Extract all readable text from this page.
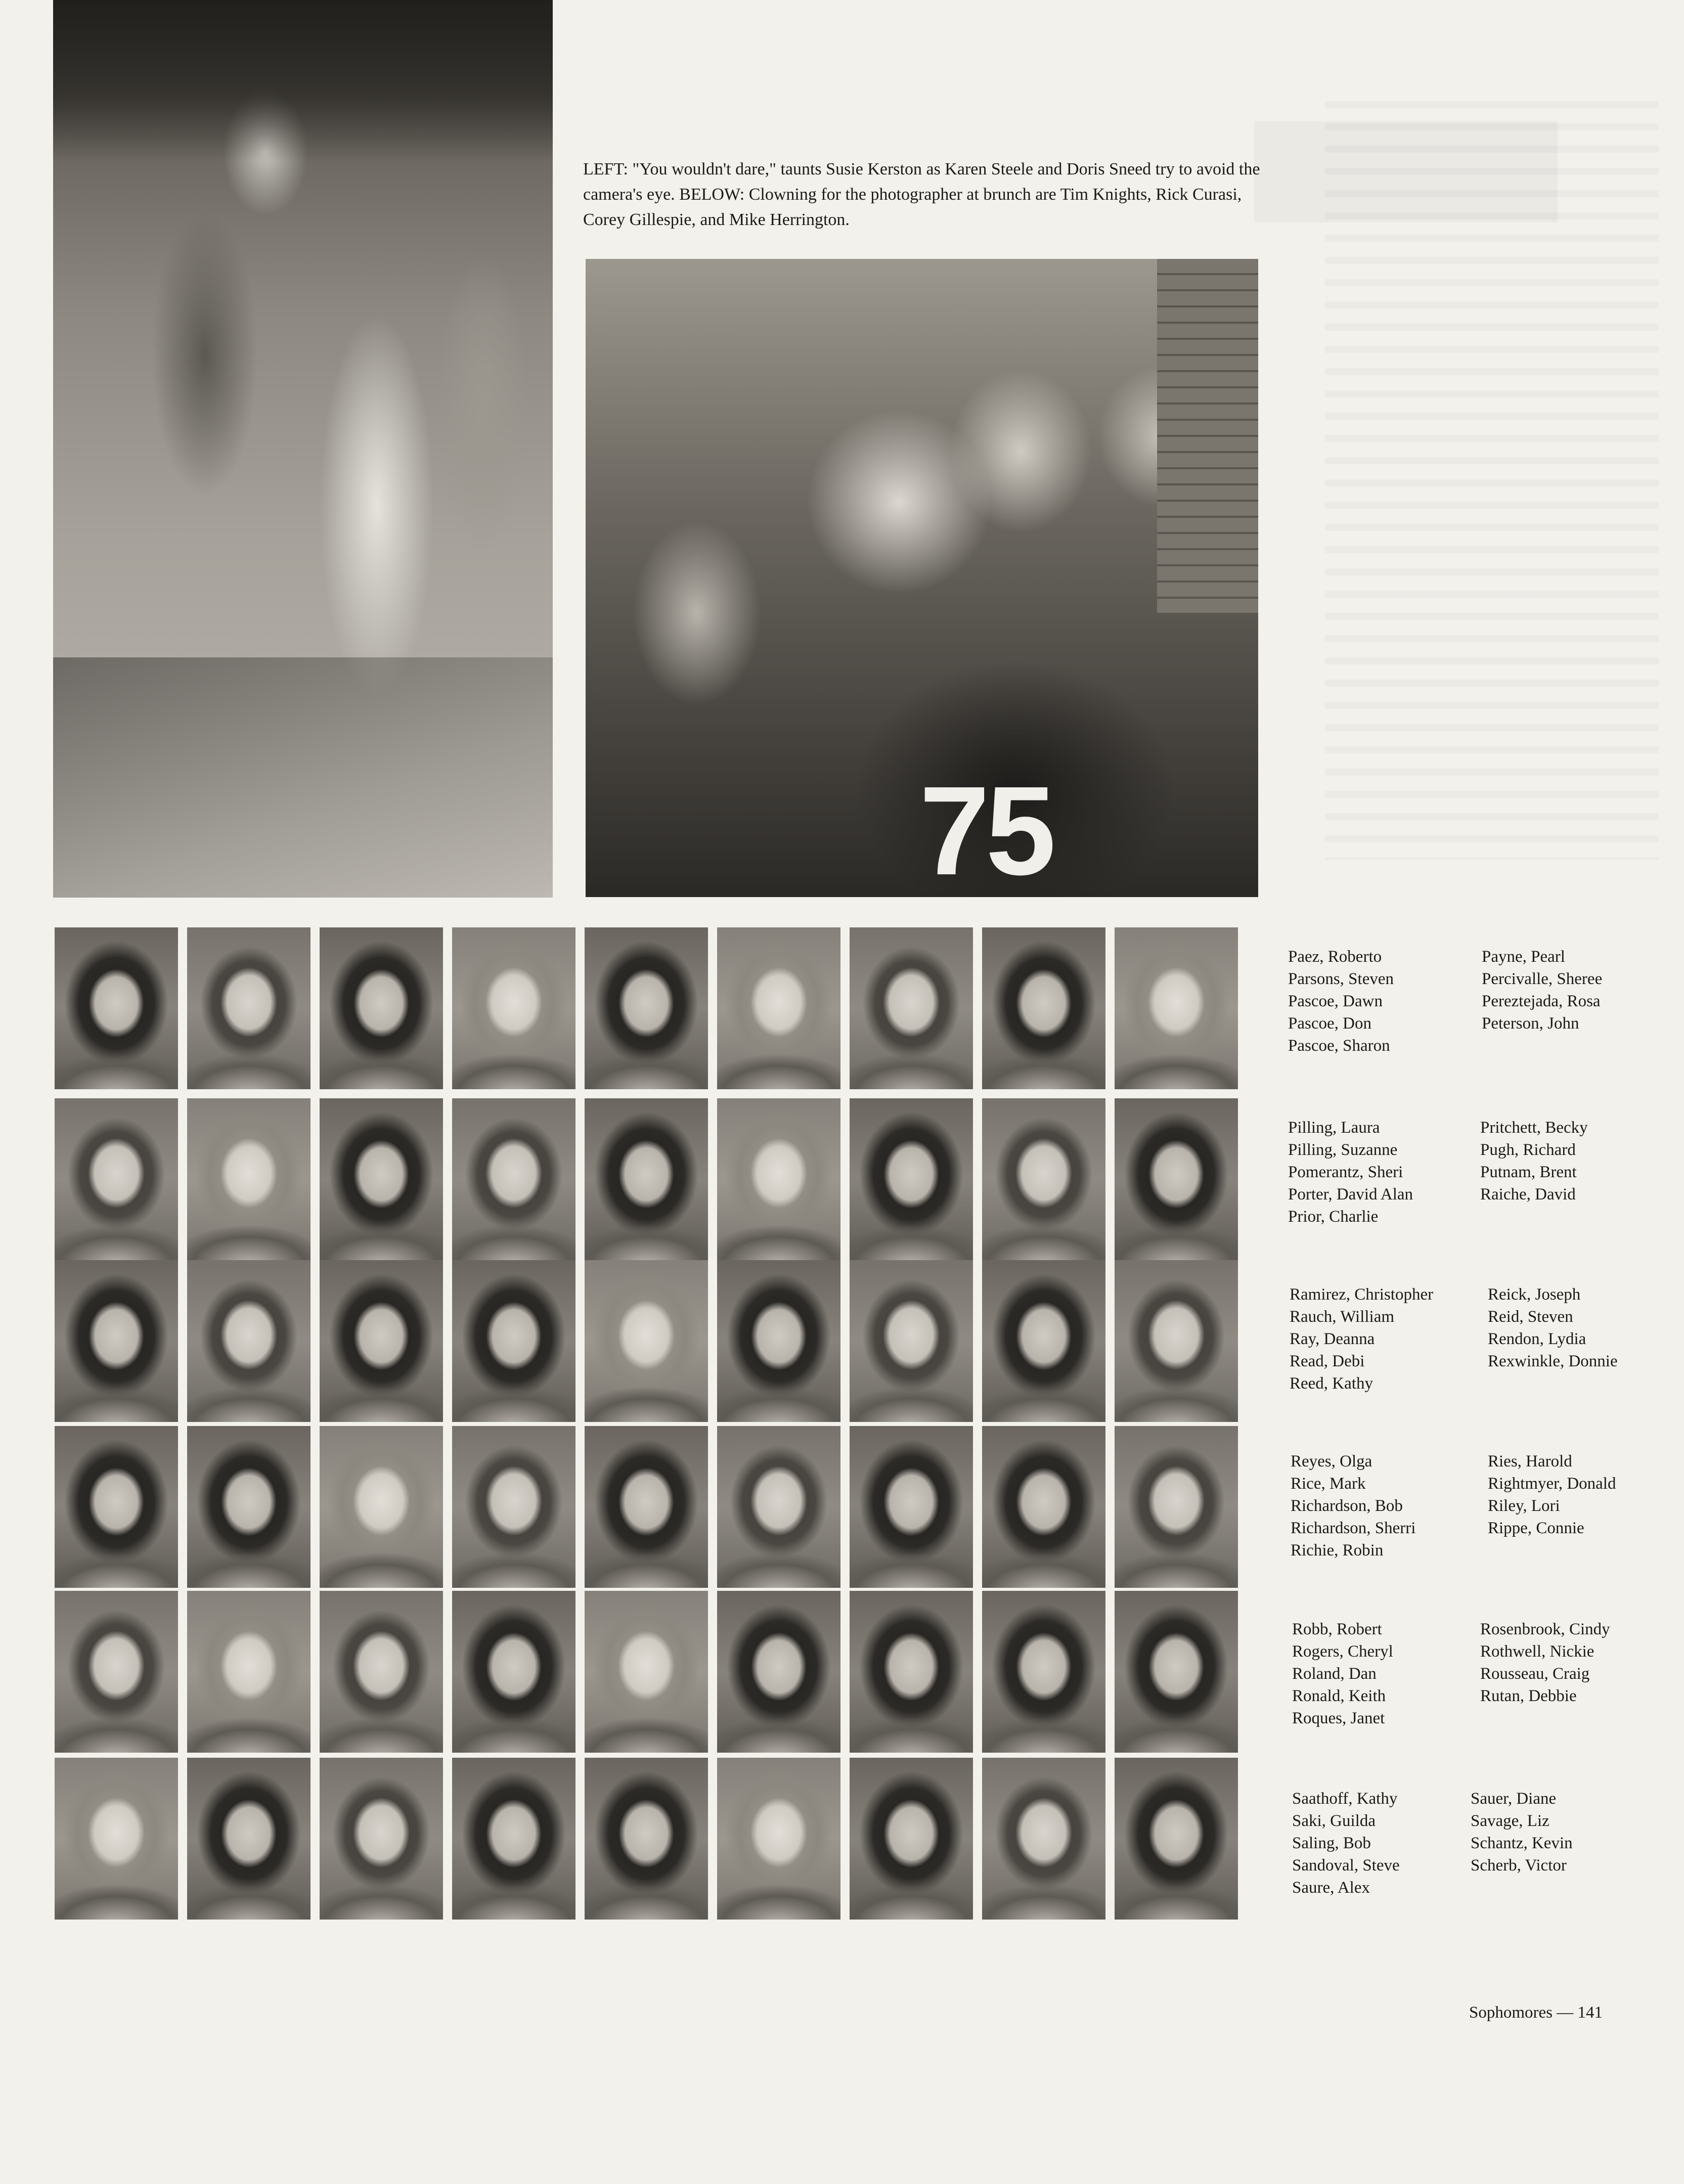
LEFT: "You wouldn't dare," taunts Susie Kerston as Karen Steele and Doris Sneed try to avoid the camera's eye. BELOW: Clowning for the photographer at brunch are Tim Knights, Rick Curasi, Corey Gillespie, and Mike Herrington.
75
Paez, Roberto
Parsons, Steven
Pascoe, Dawn
Pascoe, Don
Pascoe, Sharon
Payne, Pearl
Percivalle, Sheree
Pereztejada, Rosa
Peterson, John
Pilling, Laura
Pilling, Suzanne
Pomerantz, Sheri
Porter, David Alan
Prior, Charlie
Pritchett, Becky
Pugh, Richard
Putnam, Brent
Raiche, David
Ramirez, Christopher
Rauch, William
Ray, Deanna
Read, Debi
Reed, Kathy
Reick, Joseph
Reid, Steven
Rendon, Lydia
Rexwinkle, Donnie
Reyes, Olga
Rice, Mark
Richardson, Bob
Richardson, Sherri
Richie, Robin
Ries, Harold
Rightmyer, Donald
Riley, Lori
Rippe, Connie
Robb, Robert
Rogers, Cheryl
Roland, Dan
Ronald, Keith
Roques, Janet
Rosenbrook, Cindy
Rothwell, Nickie
Rousseau, Craig
Rutan, Debbie
Saathoff, Kathy
Saki, Guilda
Saling, Bob
Sandoval, Steve
Saure, Alex
Sauer, Diane
Savage, Liz
Schantz, Kevin
Scherb, Victor
Sophomores — 141
